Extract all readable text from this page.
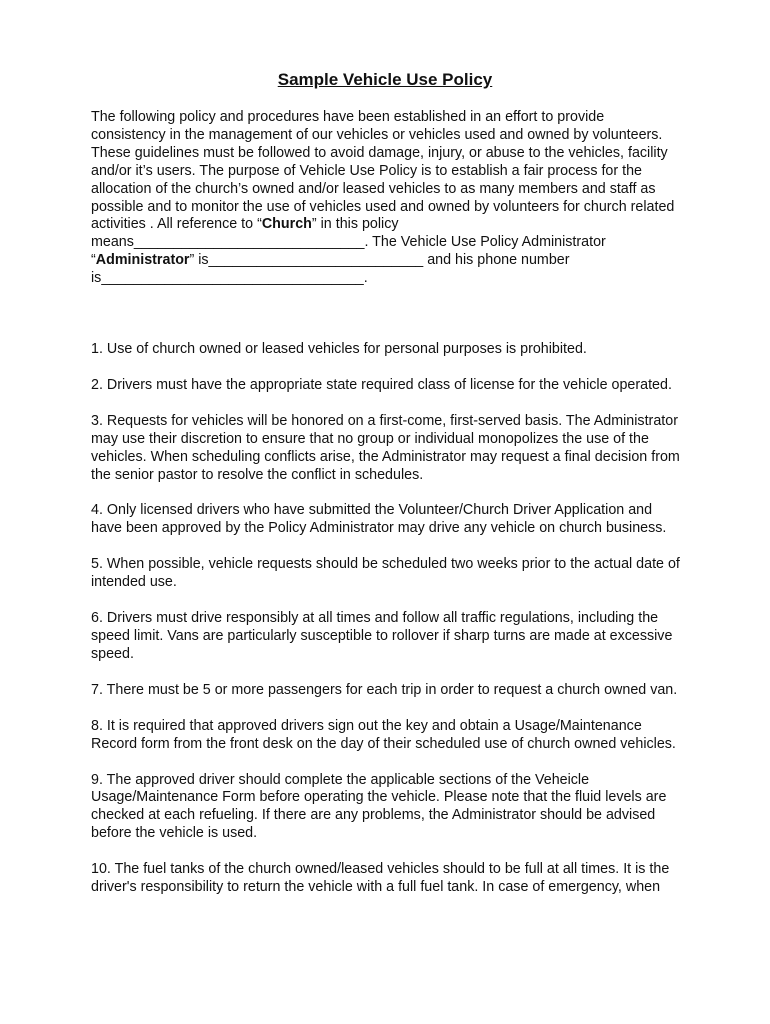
Sample Vehicle Use Policy
The following policy and procedures have been established in an effort to provide
consistency in the management of our vehicles or vehicles used and owned by volunteers.
These guidelines must be followed to avoid damage, injury, or abuse to the vehicles, facility
and/or it’s users. The purpose of Vehicle Use Policy is to establish a fair process for the
allocation of the church’s owned and/or leased vehicles to as many members and staff as
possible and to monitor the use of vehicles used and owned by volunteers for church related
activities . All reference to “Church” in this policy
means_____________________________. The Vehicle Use Policy Administrator
“Administrator” is___________________________ and his phone number
is_________________________________.
1. Use of church owned or leased vehicles for personal purposes is prohibited.
2. Drivers must have the appropriate state required class of license for the vehicle operated.
3. Requests for vehicles will be honored on a first-come, first-served basis. The Administrator
may use their discretion to ensure that no group or individual monopolizes the use of the
vehicles. When scheduling conflicts arise, the Administrator may request a final decision from
the senior pastor to resolve the conflict in schedules.
4. Only licensed drivers who have submitted the Volunteer/Church Driver Application and
have been approved by the Policy Administrator may drive any vehicle on church business.
5. When possible, vehicle requests should be scheduled two weeks prior to the actual date of
intended use.
6. Drivers must drive responsibly at all times and follow all traffic regulations, including the
speed limit. Vans are particularly susceptible to rollover if sharp turns are made at excessive
speed.
7. There must be 5 or more passengers for each trip in order to request a church owned van.
8. It is required that approved drivers sign out the key and obtain a Usage/Maintenance
Record form from the front desk on the day of their scheduled use of church owned vehicles.
9. The approved driver should complete the applicable sections of the Veheicle
Usage/Maintenance Form before operating the vehicle. Please note that the fluid levels are
checked at each refueling. If there are any problems, the Administrator should be advised
before the vehicle is used.
10. The fuel tanks of the church owned/leased vehicles should to be full at all times. It is the
driver's responsibility to return the vehicle with a full fuel tank. In case of emergency, when
